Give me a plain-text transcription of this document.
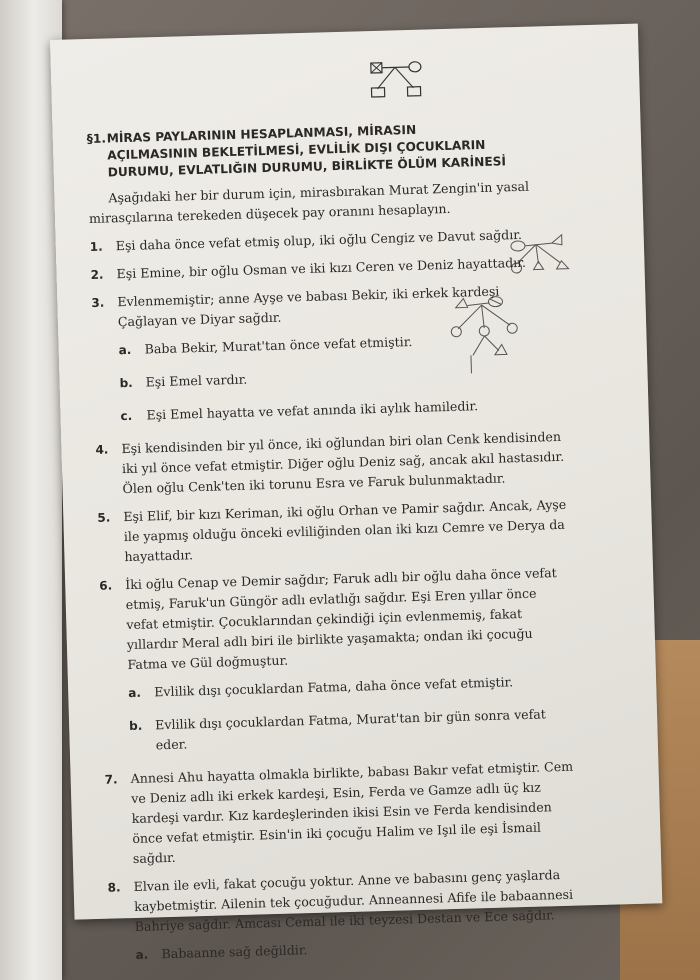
§1. MİRAS PAYLARININ HESAPLANMASI, MİRASIN AÇILMASININ BEKLETİLMESİ, EVLİLİK DIŞI ÇOCUKLARIN DURUMU, EVLATLIĞIN DURUMU, BİRLİKTE ÖLÜM KARİNESİ

Aşağıdaki her bir durum için, mirasbırakan Murat Zengin'in yasal mirasçılarına terekeden düşecek pay oranını hesaplayın.

1. Eşi daha önce vefat etmiş olup, iki oğlu Cengiz ve Davut sağdır.
2. Eşi Emine, bir oğlu Osman ve iki kızı Ceren ve Deniz hayattadır.
3. Evlenmemiştir; anne Ayşe ve babası Bekir, iki erkek kardeşi Çağlayan ve Diyar sağdır.
a. Baba Bekir, Murat'tan önce vefat etmiştir.
b. Eşi Emel vardır.
c. Eşi Emel hayatta ve vefat anında iki aylık hamiledir.
4. Eşi kendisinden bir yıl önce, iki oğlundan biri olan Cenk kendisinden iki yıl önce vefat etmiştir. Diğer oğlu Deniz sağ, ancak akıl hastasıdır. Ölen oğlu Cenk'ten iki torunu Esra ve Faruk bulunmaktadır.
5. Eşi Elif, bir kızı Keriman, iki oğlu Orhan ve Pamir sağdır. Ancak, Ayşe ile yapmış olduğu önceki evliliğinden olan iki kızı Cemre ve Derya da hayattadır.
6. İki oğlu Cenap ve Demir sağdır; Faruk adlı bir oğlu daha önce vefat etmiş, Faruk'un Güngör adlı evlatlığı sağdır. Eşi Eren yıllar önce vefat etmiştir. Çocuklarından çekindiği için evlenmemiş, fakat yıllardır Meral adlı biri ile birlikte yaşamakta; ondan iki çocuğu Fatma ve Gül doğmuştur.
a. Evlilik dışı çocuklardan Fatma, daha önce vefat etmiştir.
b. Evlilik dışı çocuklardan Fatma, Murat'tan bir gün sonra vefat eder.
7. Annesi Ahu hayatta olmakla birlikte, babası Bakır vefat etmiştir. Cem ve Deniz adlı iki erkek kardeşi, Esin, Ferda ve Gamze adlı üç kız kardeşi vardır. Kız kardeşlerinden ikisi Esin ve Ferda kendisinden önce vefat etmiştir. Esin'in iki çocuğu Halim ve Işıl ile eşi İsmail sağdır.
8. Elvan ile evli, fakat çocuğu yoktur. Anne ve babasını genç yaşlarda kaybetmiştir. Ailenin tek çocuğudur. Anneannesi Afife ile babaannesi Bahriye sağdır. Amcası Cemal ile iki teyzesi Destan ve Ece sağdır.
a. Babaanne sağ değildir.
